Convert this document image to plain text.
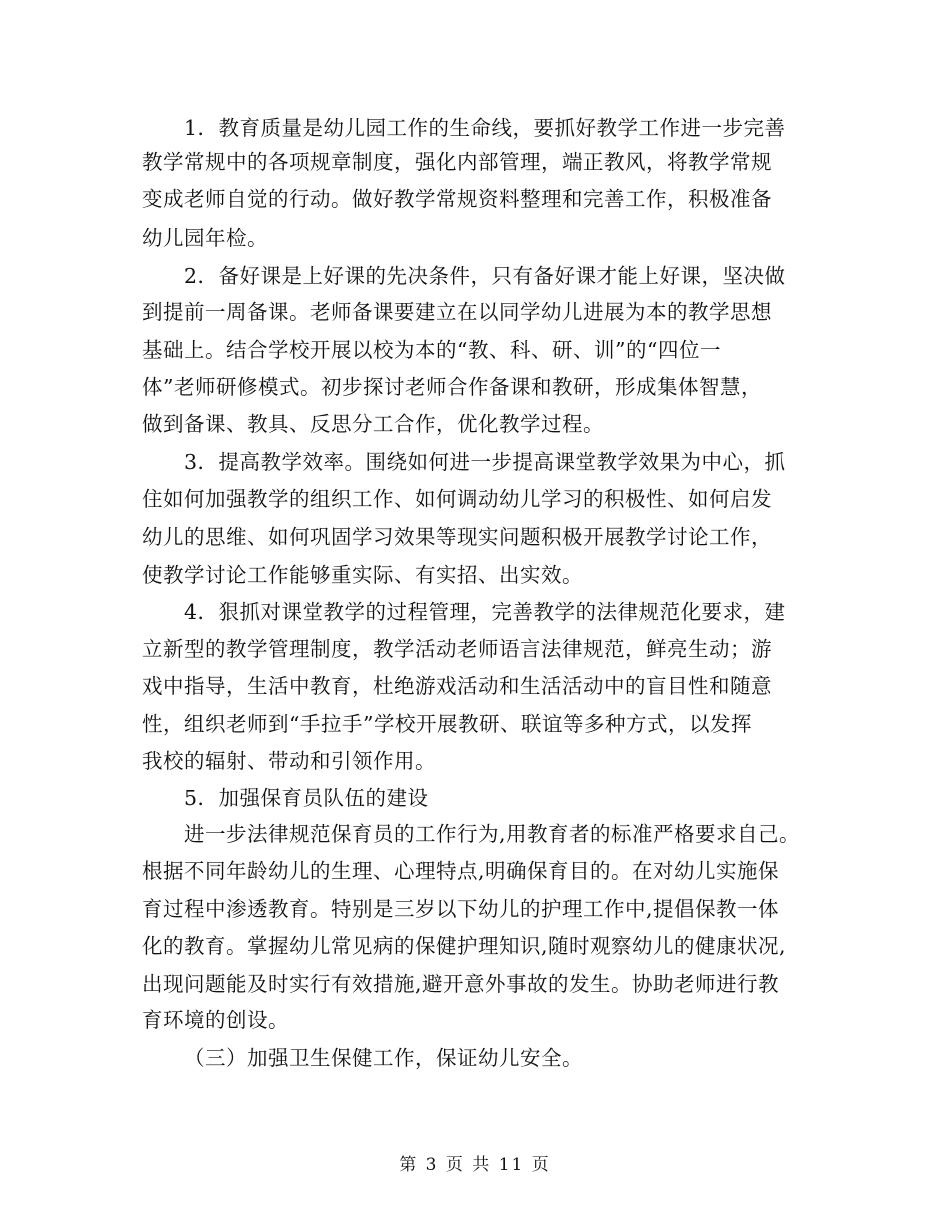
1．教育质量是幼儿园工作的生命线，要抓好教学工作进一步完善
教学常规中的各项规章制度，强化内部管理，端正教风，将教学常规
变成老师自觉的行动。做好教学常规资料整理和完善工作，积极准备
幼儿园年检。
2．备好课是上好课的先决条件，只有备好课才能上好课，坚决做
到提前一周备课。老师备课要建立在以同学幼儿进展为本的教学思想
基础上。结合学校开展以校为本的“教、科、研、训”的“四位一
体”老师研修模式。初步探讨老师合作备课和教研，形成集体智慧，
做到备课、教具、反思分工合作，优化教学过程。
3．提高教学效率。围绕如何进一步提高课堂教学效果为中心，抓
住如何加强教学的组织工作、如何调动幼儿学习的积极性、如何启发
幼儿的思维、如何巩固学习效果等现实问题积极开展教学讨论工作，
使教学讨论工作能够重实际、有实招、出实效。
4．狠抓对课堂教学的过程管理，完善教学的法律规范化要求，建
立新型的教学管理制度，教学活动老师语言法律规范，鲜亮生动；游
戏中指导，生活中教育，杜绝游戏活动和生活活动中的盲目性和随意
性，组织老师到“手拉手”学校开展教研、联谊等多种方式，以发挥
我校的辐射、带动和引领作用。
5．加强保育员队伍的建设
进一步法律规范保育员的工作行为,用教育者的标准严格要求自己。
根据不同年龄幼儿的生理、心理特点,明确保育目的。在对幼儿实施保
育过程中渗透教育。特别是三岁以下幼儿的护理工作中,提倡保教一体
化的教育。掌握幼儿常见病的保健护理知识,随时观察幼儿的健康状况,
出现问题能及时实行有效措施,避开意外事故的发生。协助老师进行教
育环境的创设。
（三）加强卫生保健工作，保证幼儿安全。
第 3 页 共 11 页
